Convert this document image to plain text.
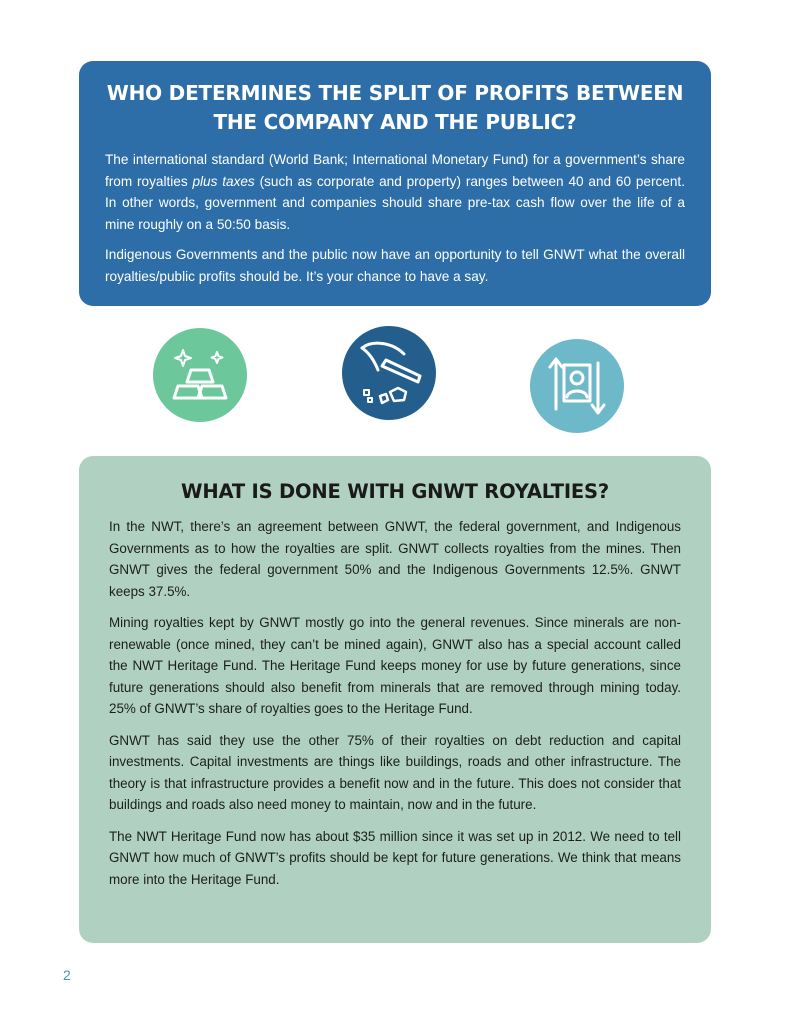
WHO DETERMINES THE SPLIT OF PROFITS BETWEEN THE COMPANY AND THE PUBLIC?

The international standard (World Bank; International Monetary Fund) for a government’s share from royalties plus taxes (such as corporate and property) ranges between 40 and 60 percent. In other words, government and companies should share pre-tax cash flow over the life of a mine roughly on a 50:50 basis.

Indigenous Governments and the public now have an opportunity to tell GNWT what the overall royalties/public profits should be. It’s your chance to have a say.

WHAT IS DONE WITH GNWT ROYALTIES?

In the NWT, there’s an agreement between GNWT, the federal government, and Indigenous Governments as to how the royalties are split. GNWT collects royalties from the mines. Then GNWT gives the federal government 50% and the Indigenous Governments 12.5%. GNWT keeps 37.5%.

Mining royalties kept by GNWT mostly go into the general revenues. Since minerals are non-renewable (once mined, they can’t be mined again), GNWT also has a special account called the NWT Heritage Fund. The Heritage Fund keeps money for use by future generations, since future generations should also benefit from minerals that are removed through mining today. 25% of GNWT’s share of royalties goes to the Heritage Fund.

GNWT has said they use the other 75% of their royalties on debt reduction and capital investments. Capital investments are things like buildings, roads and other infrastructure. The theory is that infrastructure provides a benefit now and in the future. This does not consider that buildings and roads also need money to maintain, now and in the future.

The NWT Heritage Fund now has about $35 million since it was set up in 2012. We need to tell GNWT how much of GNWT’s profits should be kept for future generations. We think that means more into the Heritage Fund.

2
